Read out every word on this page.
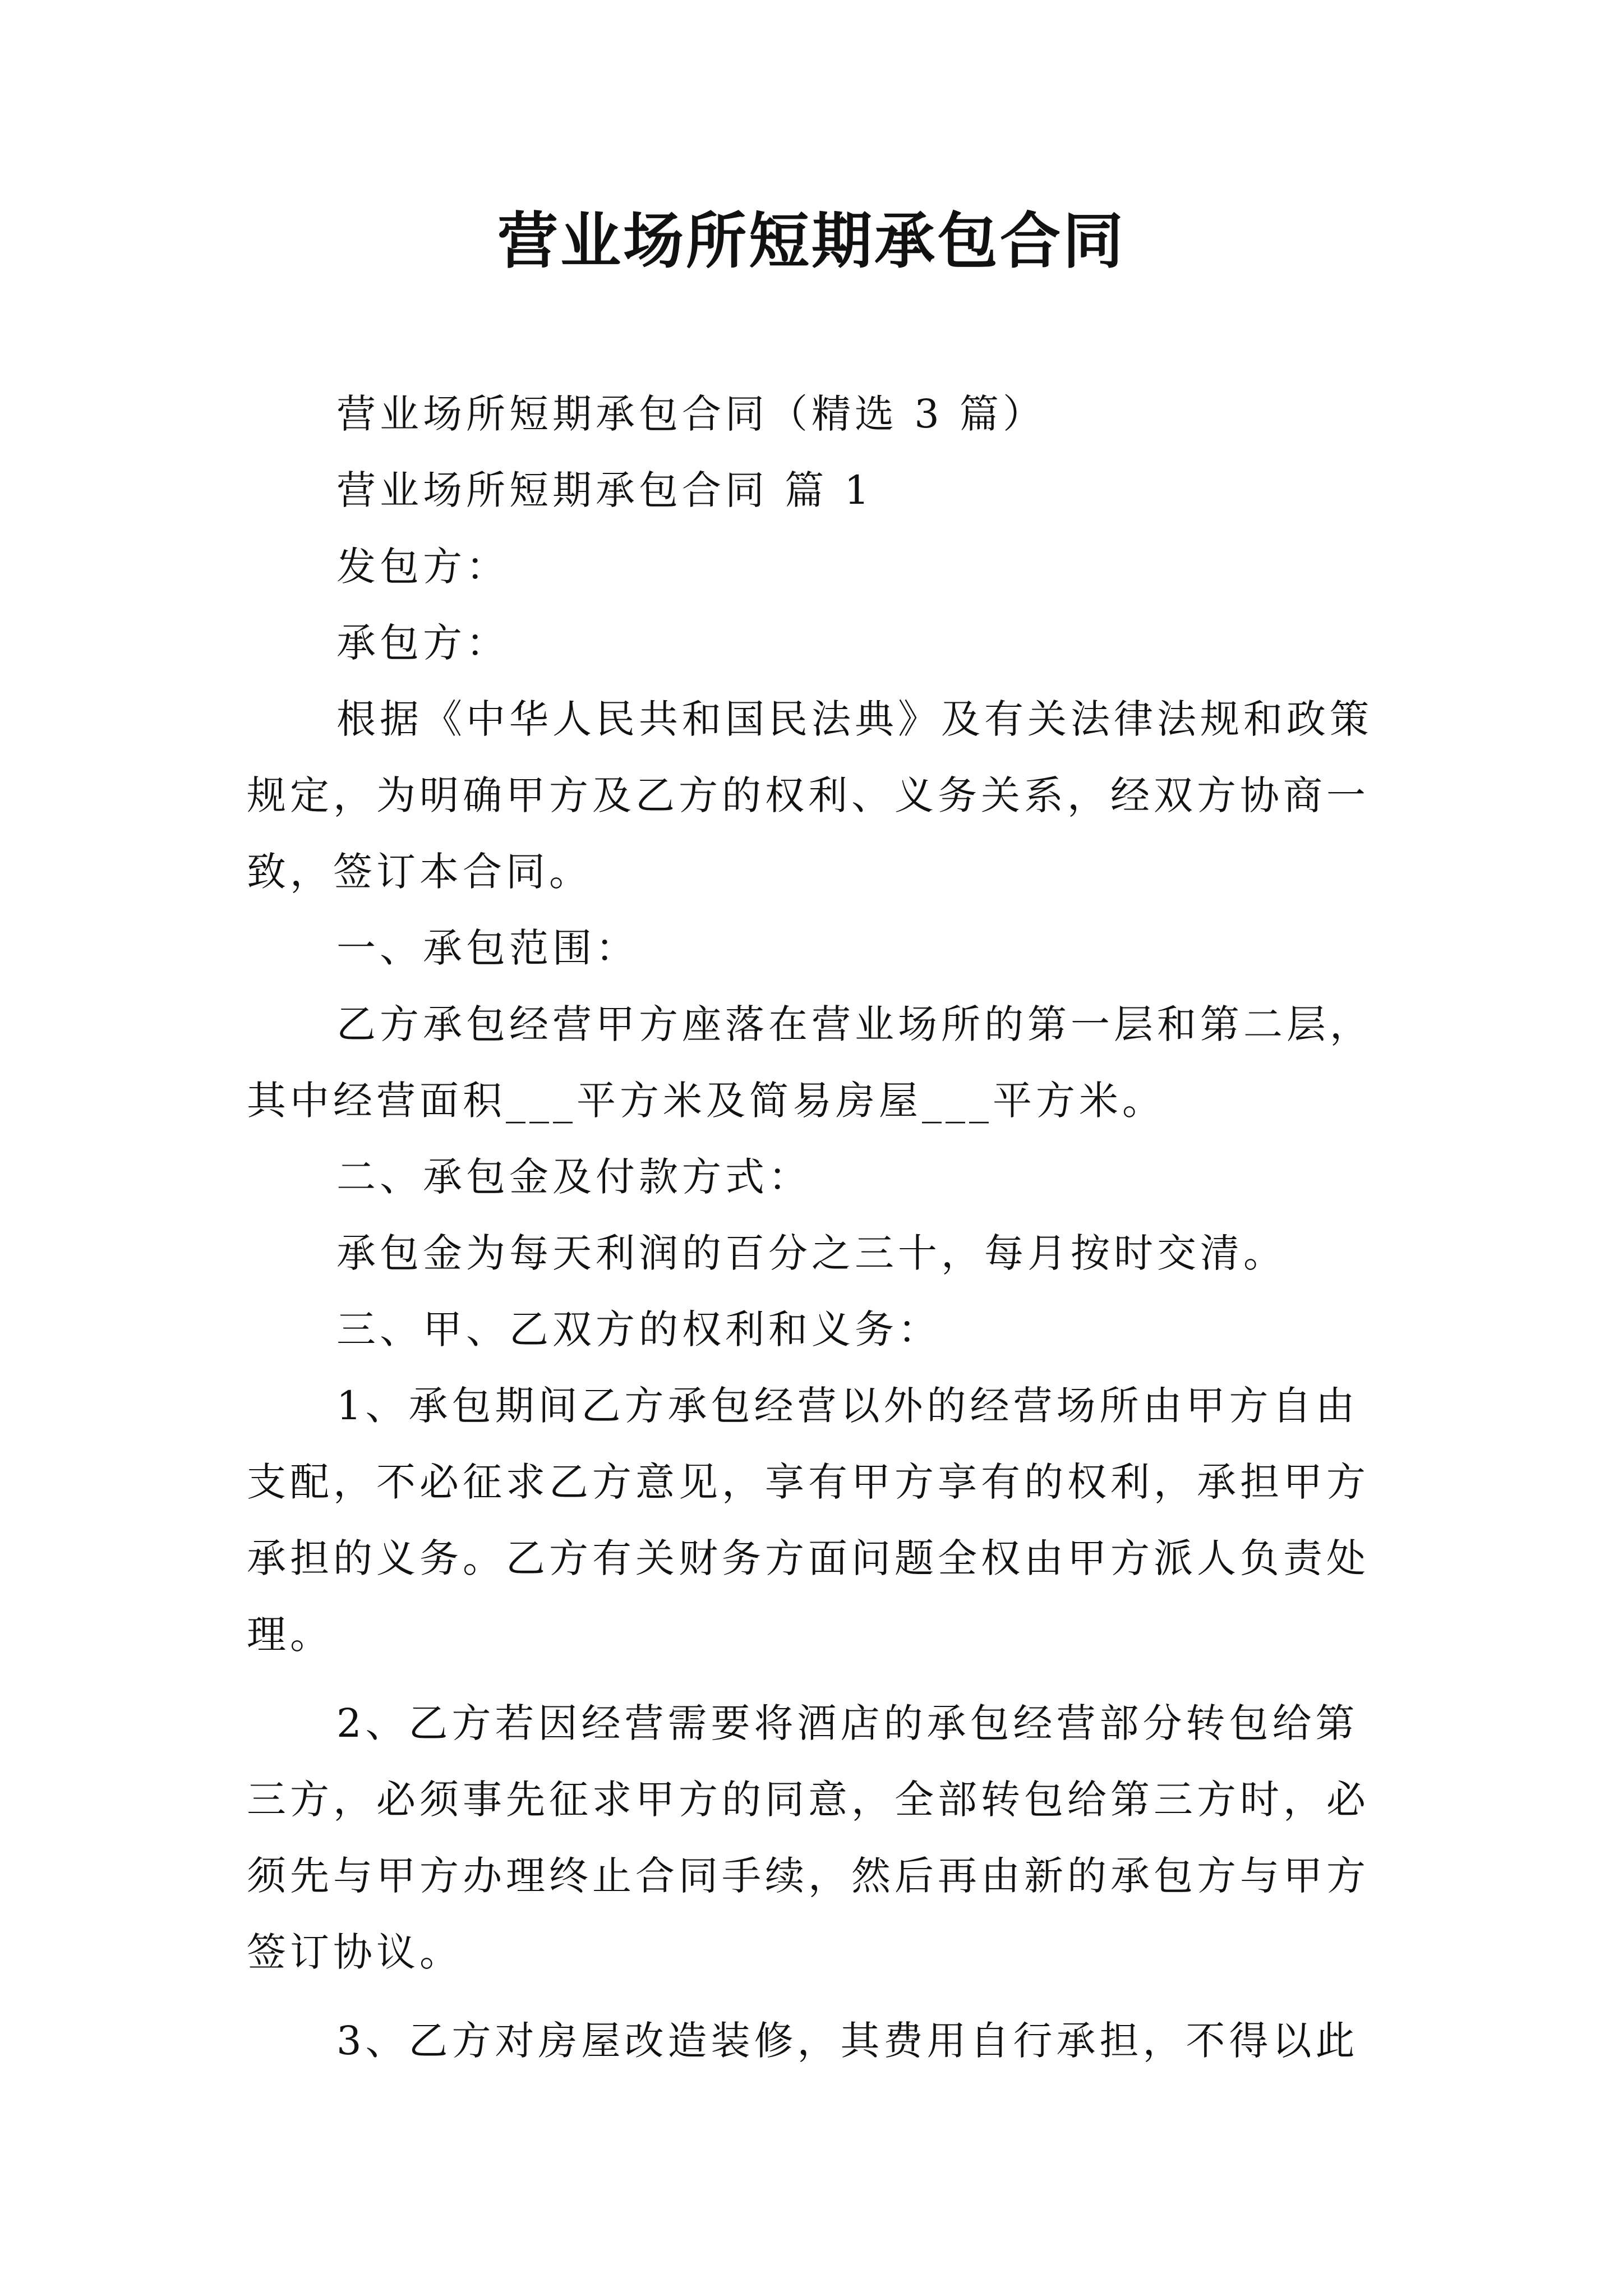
营业场所短期承包合同

营业场所短期承包合同（精选 3 篇）

营业场所短期承包合同 篇 1

发包方：

承包方：

根据《中华人民共和国民法典》及有关法律法规和政策规定，为明确甲方及乙方的权利、义务关系，经双方协商一致，签订本合同。

一、承包范围：

乙方承包经营甲方座落在营业场所的第一层和第二层，其中经营面积___平方米及简易房屋___平方米。

二、承包金及付款方式：

承包金为每天利润的百分之三十，每月按时交清。

三、甲、乙双方的权利和义务：

1、承包期间乙方承包经营以外的经营场所由甲方自由支配，不必征求乙方意见，享有甲方享有的权利，承担甲方承担的义务。乙方有关财务方面问题全权由甲方派人负责处理。

2、乙方若因经营需要将酒店的承包经营部分转包给第三方，必须事先征求甲方的同意，全部转包给第三方时，必须先与甲方办理终止合同手续，然后再由新的承包方与甲方签订协议。

3、乙方对房屋改造装修，其费用自行承担，不得以此
